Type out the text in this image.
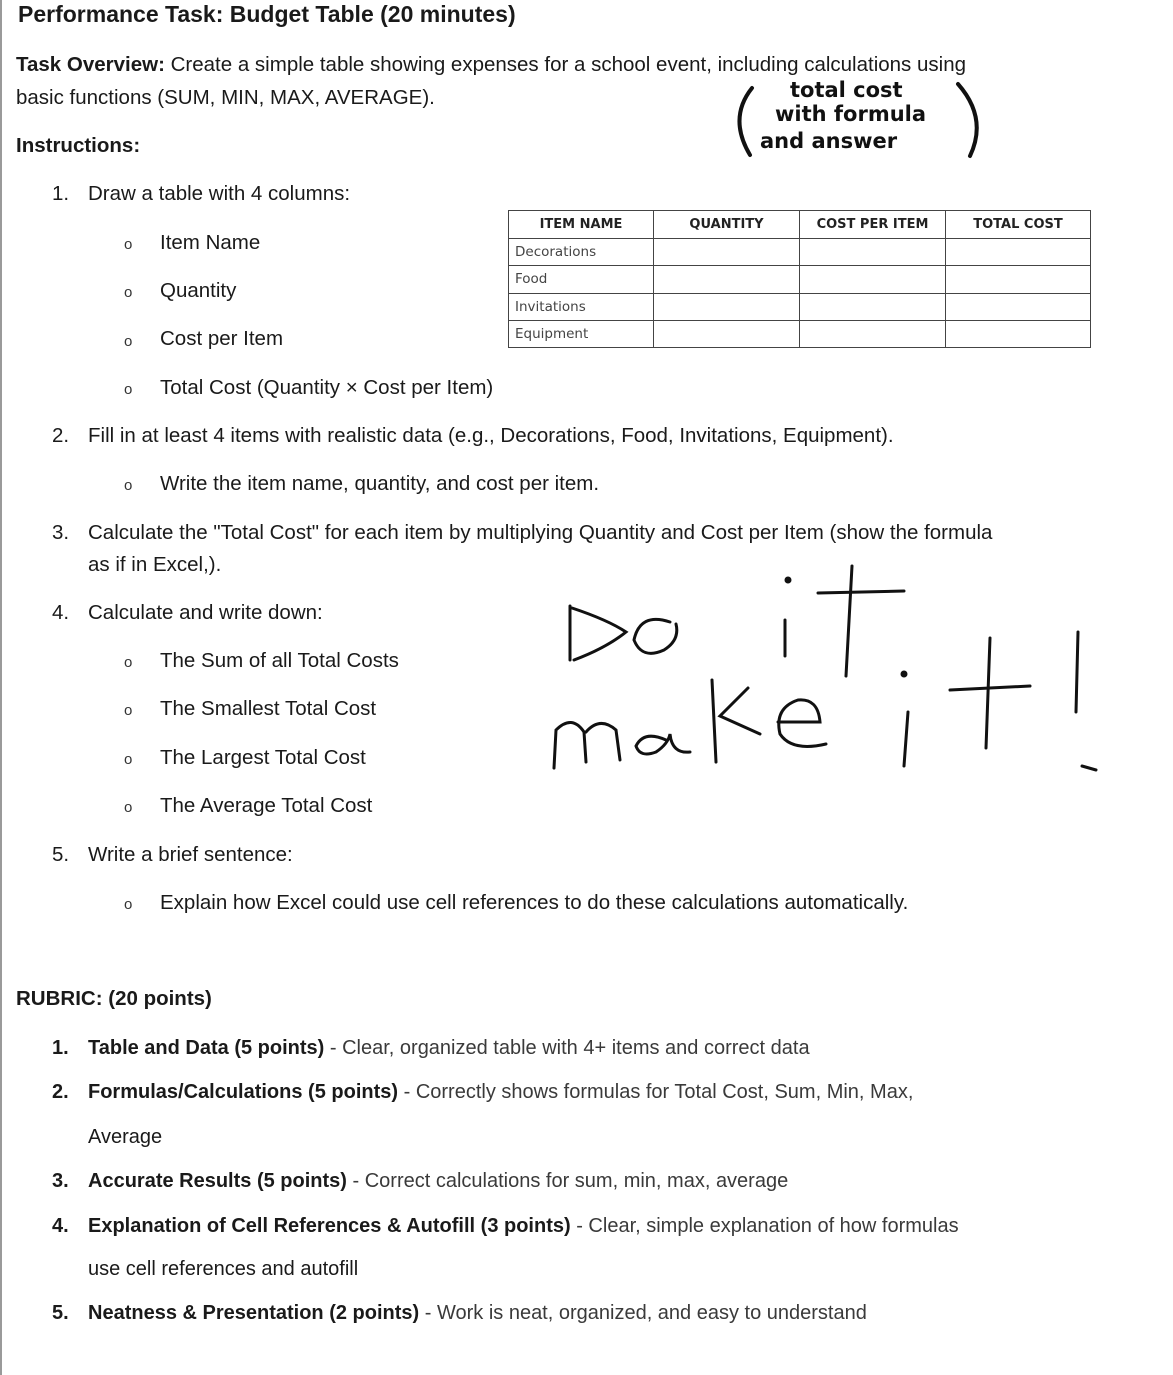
Performance Task: Budget Table (20 minutes)
Task Overview: Create a simple table showing expenses for a school event, including calculations using
basic functions (SUM, MIN, MAX, AVERAGE).
Instructions:
1. Draw a table with 4 columns:
o Item Name
o Quantity
o Cost per Item
o Total Cost (Quantity × Cost per Item)
2. Fill in at least 4 items with realistic data (e.g., Decorations, Food, Invitations, Equipment).
o Write the item name, quantity, and cost per item.
3. Calculate the "Total Cost" for each item by multiplying Quantity and Cost per Item (show the formula
as if in Excel,).
4. Calculate and write down:
o The Sum of all Total Costs
o The Smallest Total Cost
o The Largest Total Cost
o The Average Total Cost
5. Write a brief sentence:
o Explain how Excel could use cell references to do these calculations automatically.
ITEM NAME	QUANTITY	COST PER ITEM	TOTAL COST
Decorations			
Food			
Invitations			
Equipment			
total cost
with formula
and answer
RUBRIC: (20 points)
1. Table and Data (5 points) - Clear, organized table with 4+ items and correct data
2. Formulas/Calculations (5 points) - Correctly shows formulas for Total Cost, Sum, Min, Max,
Average
3. Accurate Results (5 points) - Correct calculations for sum, min, max, average
4. Explanation of Cell References & Autofill (3 points) - Clear, simple explanation of how formulas
use cell references and autofill
5. Neatness & Presentation (2 points) - Work is neat, organized, and easy to understand
